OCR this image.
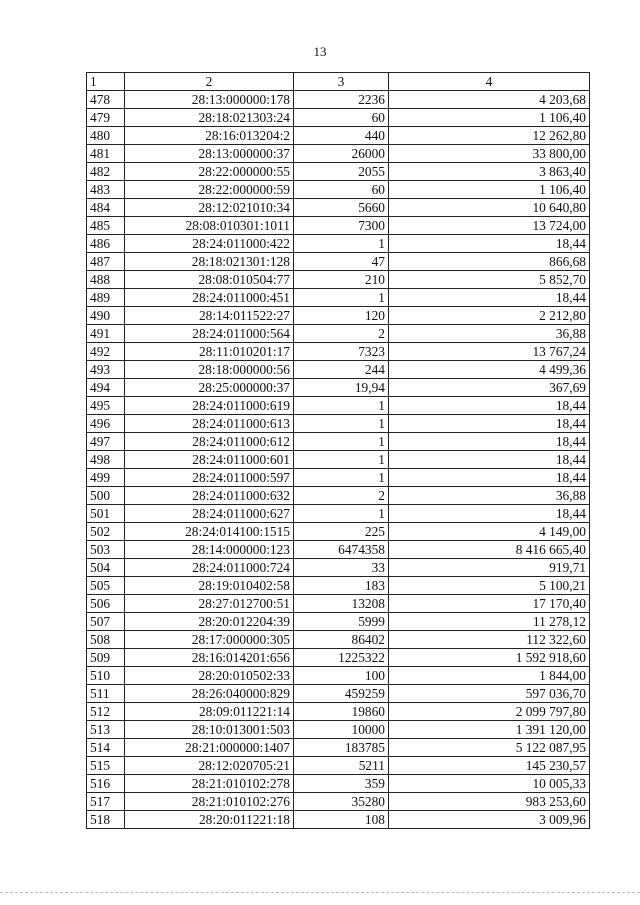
13
1	2	3	4
478	28:13:000000:178	2236	4 203,68
479	28:18:021303:24	60	1 106,40
480	28:16:013204:2	440	12 262,80
481	28:13:000000:37	26000	33 800,00
482	28:22:000000:55	2055	3 863,40
483	28:22:000000:59	60	1 106,40
484	28:12:021010:34	5660	10 640,80
485	28:08:010301:1011	7300	13 724,00
486	28:24:011000:422	1	18,44
487	28:18:021301:128	47	866,68
488	28:08:010504:77	210	5 852,70
489	28:24:011000:451	1	18,44
490	28:14:011522:27	120	2 212,80
491	28:24:011000:564	2	36,88
492	28:11:010201:17	7323	13 767,24
493	28:18:000000:56	244	4 499,36
494	28:25:000000:37	19,94	367,69
495	28:24:011000:619	1	18,44
496	28:24:011000:613	1	18,44
497	28:24:011000:612	1	18,44
498	28:24:011000:601	1	18,44
499	28:24:011000:597	1	18,44
500	28:24:011000:632	2	36,88
501	28:24:011000:627	1	18,44
502	28:24:014100:1515	225	4 149,00
503	28:14:000000:123	6474358	8 416 665,40
504	28:24:011000:724	33	919,71
505	28:19:010402:58	183	5 100,21
506	28:27:012700:51	13208	17 170,40
507	28:20:012204:39	5999	11 278,12
508	28:17:000000:305	86402	112 322,60
509	28:16:014201:656	1225322	1 592 918,60
510	28:20:010502:33	100	1 844,00
511	28:26:040000:829	459259	597 036,70
512	28:09:011221:14	19860	2 099 797,80
513	28:10:013001:503	10000	1 391 120,00
514	28:21:000000:1407	183785	5 122 087,95
515	28:12:020705:21	5211	145 230,57
516	28:21:010102:278	359	10 005,33
517	28:21:010102:276	35280	983 253,60
518	28:20:011221:18	108	3 009,96
